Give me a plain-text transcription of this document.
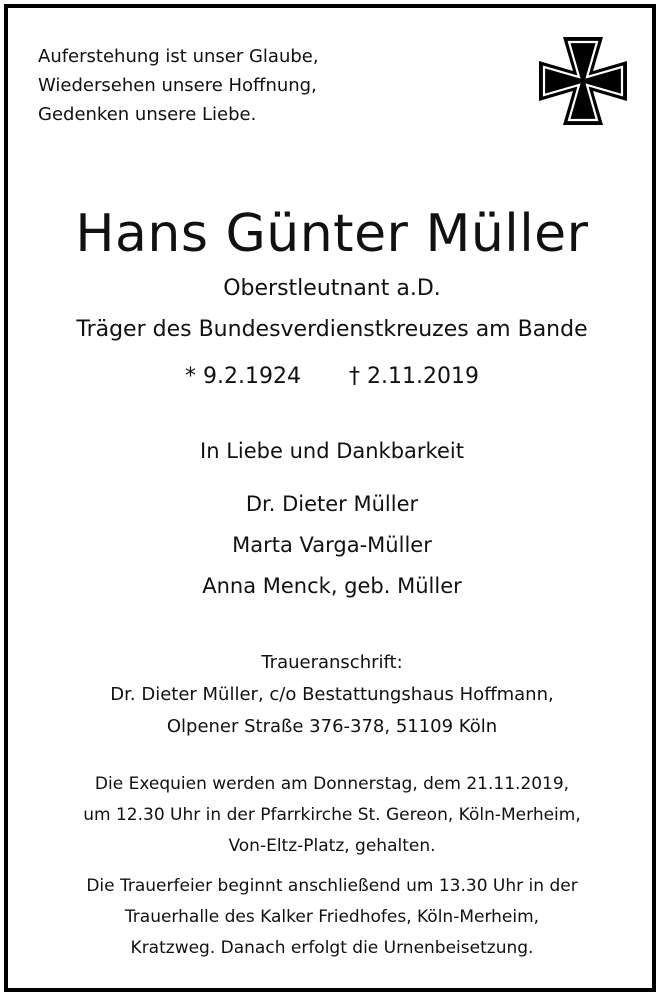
Auferstehung ist unser Glaube,
Wiedersehen unsere Hoffnung,
Gedenken unsere Liebe.
Hans Günter Müller
Oberstleutnant a.D.
Träger des Bundesverdienstkreuzes am Bande
* 9.2.1924 † 2.11.2019
In Liebe und Dankbarkeit
Dr. Dieter Müller
Marta Varga-Müller
Anna Menck, geb. Müller
Traueranschrift:
Dr. Dieter Müller, c/o Bestattungshaus Hoffmann,
Olpener Straße 376-378, 51109 Köln
Die Exequien werden am Donnerstag, dem 21.11.2019,
um 12.30 Uhr in der Pfarrkirche St. Gereon, Köln-Merheim,
Von-Eltz-Platz, gehalten.
Die Trauerfeier beginnt anschließend um 13.30 Uhr in der
Trauerhalle des Kalker Friedhofes, Köln-Merheim,
Kratzweg. Danach erfolgt die Urnenbeisetzung.
